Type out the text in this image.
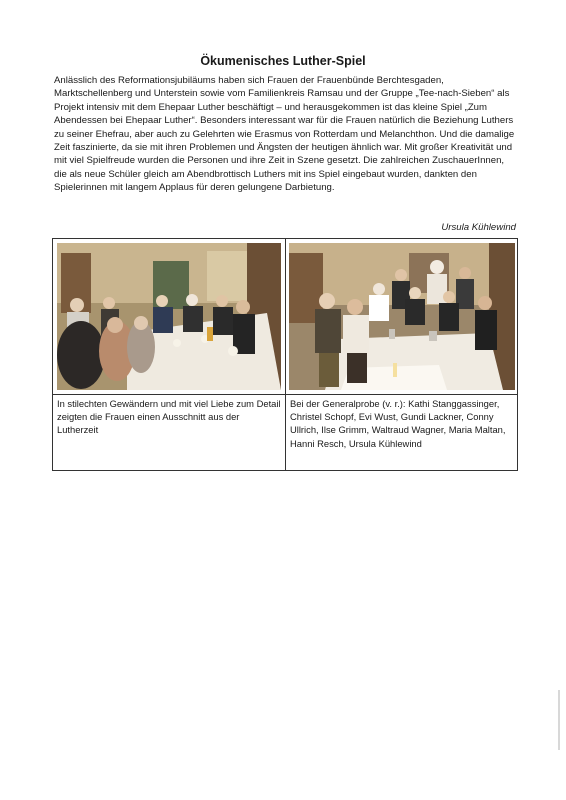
Ökumenisches Luther-Spiel
Anlässlich des Reformationsjubiläums haben sich Frauen der Frauenbünde Berchtesgaden, Marktschellenberg und Unterstein sowie vom Familienkreis Ramsau und der Gruppe „Tee-nach-Sieben“ als Projekt intensiv mit dem Ehepaar Luther beschäftigt – und herausgekommen ist das kleine Spiel „Zum Abendessen bei Ehepaar Luther“. Besonders interessant war für die Frauen natürlich die Beziehung Luthers zu seiner Ehefrau, aber auch zu Gelehrten wie Erasmus von Rotterdam und Melanchthon. Und die damalige Zeit faszinierte, da sie mit ihren Problemen und Ängsten der heutigen ähnlich war. Mit großer Kreativität und mit viel Spielfreude wurden die Personen und ihre Zeit in Szene gesetzt. Die zahlreichen ZuschauerInnen, die als neue Schüler gleich am Abendbrottisch Luthers mit ins Spiel eingebaut wurden, dankten den Spielerinnen mit langem Applaus für deren gelungene Darbietung.
Ursula Kühlewind
In stilechten Gewändern und mit viel Liebe zum Detail zeigten die Frauen einen Ausschnitt aus der Lutherzeit
Bei der Generalprobe (v. r.): Kathi Stanggassinger, Christel Schopf, Evi Wust, Gundi Lackner, Conny Ullrich, Ilse Grimm, Waltraud Wagner, Maria Maltan, Hanni Resch, Ursula Kühlewind
